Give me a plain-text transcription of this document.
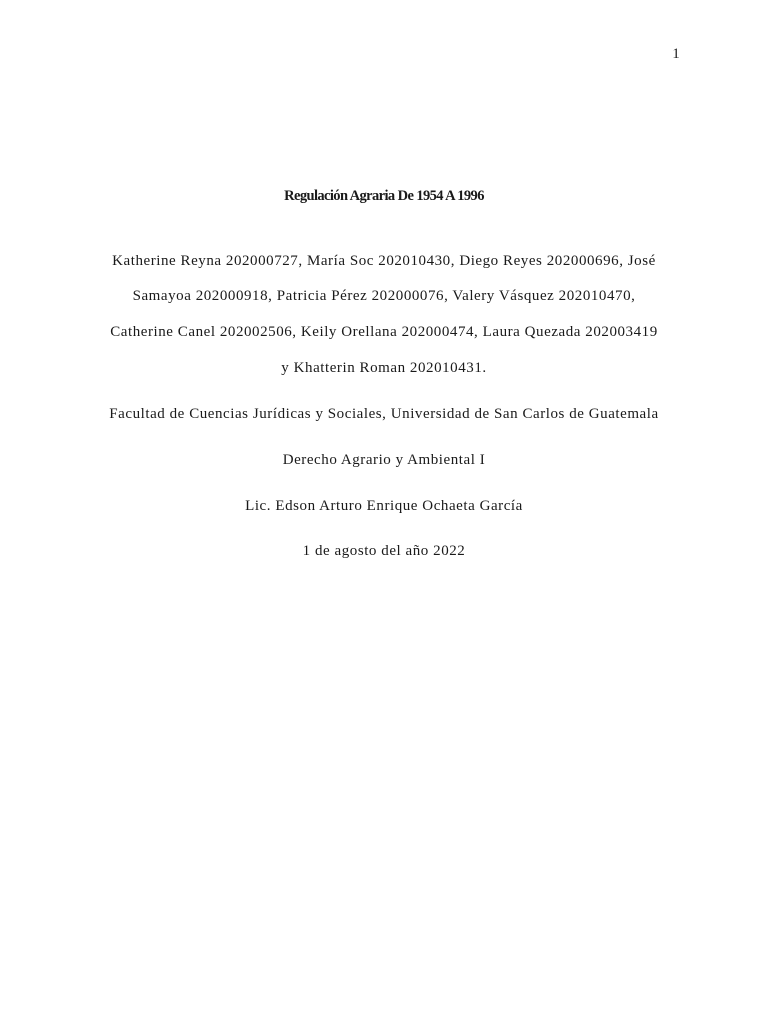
1
Regulación Agraria De 1954 A 1996
Katherine Reyna 202000727, María Soc 202010430, Diego Reyes 202000696, José
Samayoa 202000918, Patricia Pérez 202000076, Valery Vásquez 202010470,
Catherine Canel 202002506, Keily Orellana 202000474, Laura Quezada 202003419
y Khatterin Roman 202010431.
Facultad de Cuencias Jurídicas y Sociales, Universidad de San Carlos de Guatemala
Derecho Agrario y Ambiental I
Lic. Edson Arturo Enrique Ochaeta García
1 de agosto del año 2022
